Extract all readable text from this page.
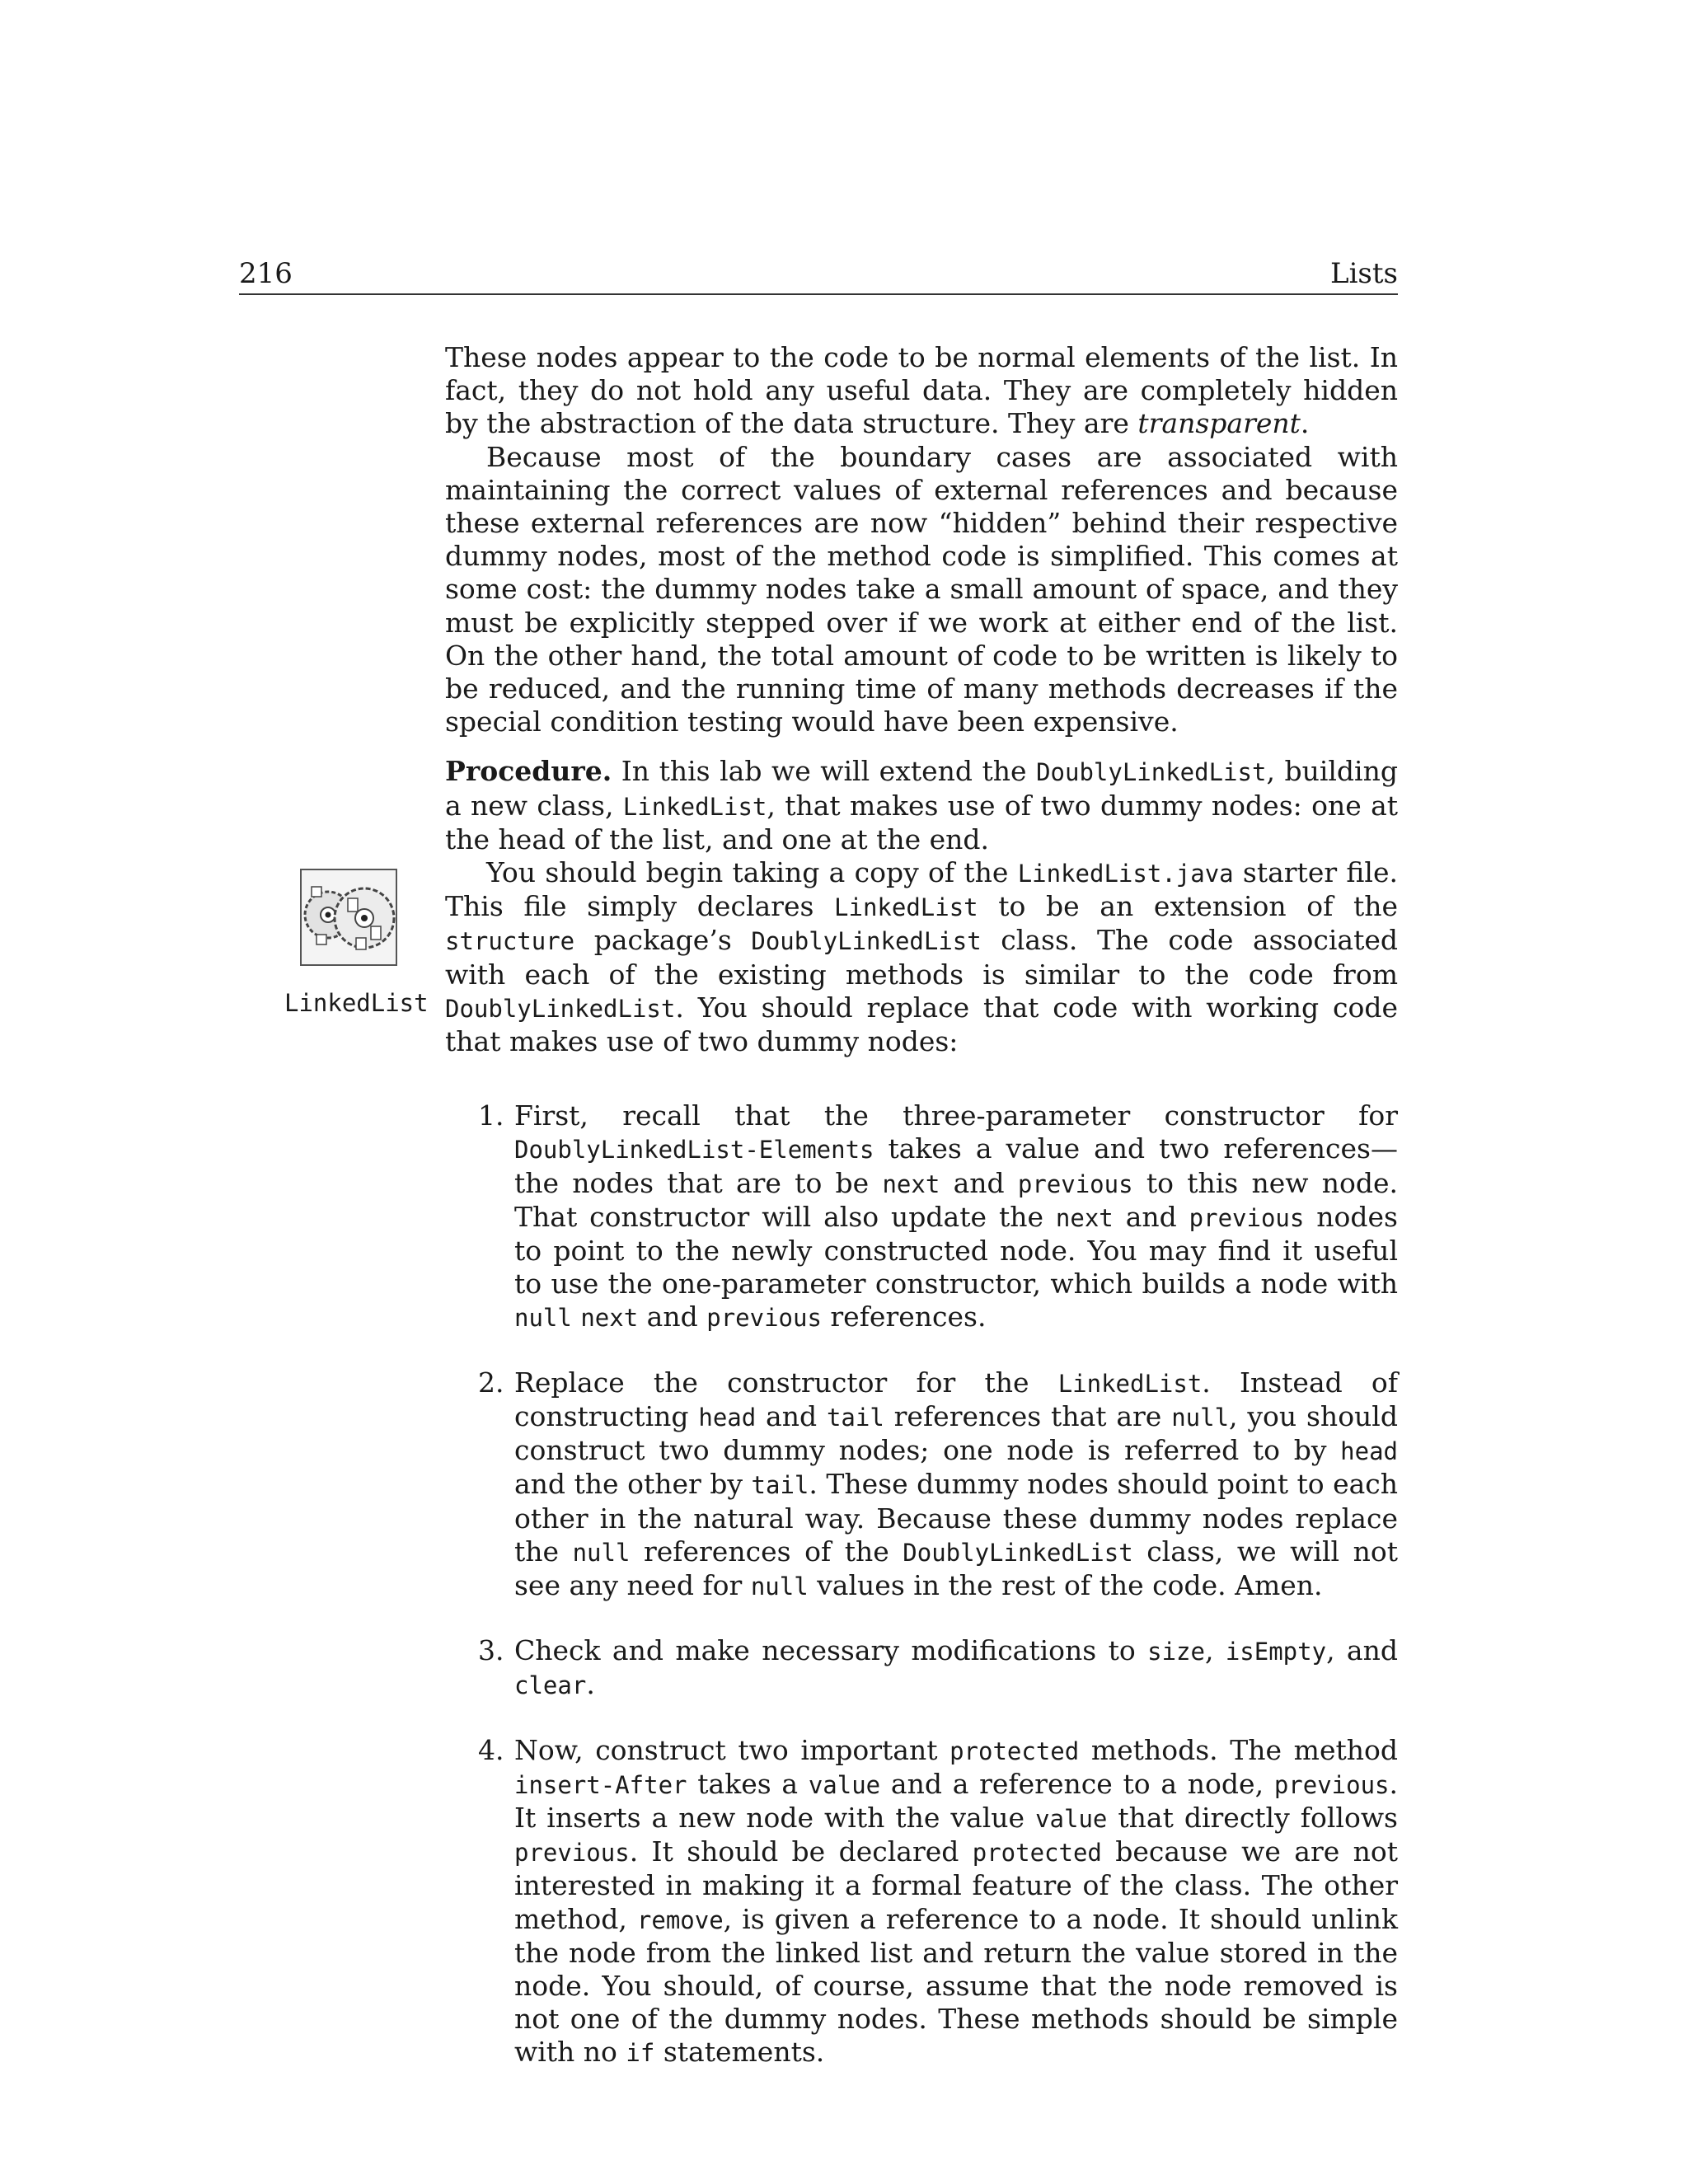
216	Lists
LinkedList

These nodes appear to the code to be normal elements of the list. In fact, they do not hold any useful data. They are completely hidden by the abstraction of the data structure. They are transparent.

Because most of the boundary cases are associated with maintaining the correct values of external references and because these external references are now “hidden” behind their respective dummy nodes, most of the method code is simplified. This comes at some cost: the dummy nodes take a small amount of space, and they must be explicitly stepped over if we work at either end of the list. On the other hand, the total amount of code to be written is likely to be reduced, and the running time of many methods decreases if the special condition testing would have been expensive.

Procedure. In this lab we will extend the DoublyLinkedList, building a new class, LinkedList, that makes use of two dummy nodes: one at the head of the list, and one at the end.

You should begin taking a copy of the LinkedList.java starter file. This file simply declares LinkedList to be an extension of the structure package’s DoublyLinkedList class. The code associated with each of the existing methods is similar to the code from DoublyLinkedList. You should replace that code with working code that makes use of two dummy nodes:

1. First, recall that the three-parameter constructor for DoublyLinkedList-Elements takes a value and two references—the nodes that are to be next and previous to this new node. That constructor will also update the next and previous nodes to point to the newly constructed node. You may find it useful to use the one-parameter constructor, which builds a node with null next and previous references.
2. Replace the constructor for the LinkedList. Instead of constructing head and tail references that are null, you should construct two dummy nodes; one node is referred to by head and the other by tail. These dummy nodes should point to each other in the natural way. Because these dummy nodes replace the null references of the DoublyLinkedList class, we will not see any need for null values in the rest of the code. Amen.
3. Check and make necessary modifications to size, isEmpty, and clear.
4. Now, construct two important protected methods. The method insert-After takes a value and a reference to a node, previous. It inserts a new node with the value value that directly follows previous. It should be declared protected because we are not interested in making it a formal feature of the class. The other method, remove, is given a reference to a node. It should unlink the node from the linked list and return the value stored in the node. You should, of course, assume that the node removed is not one of the dummy nodes. These methods should be simple with no if statements.
